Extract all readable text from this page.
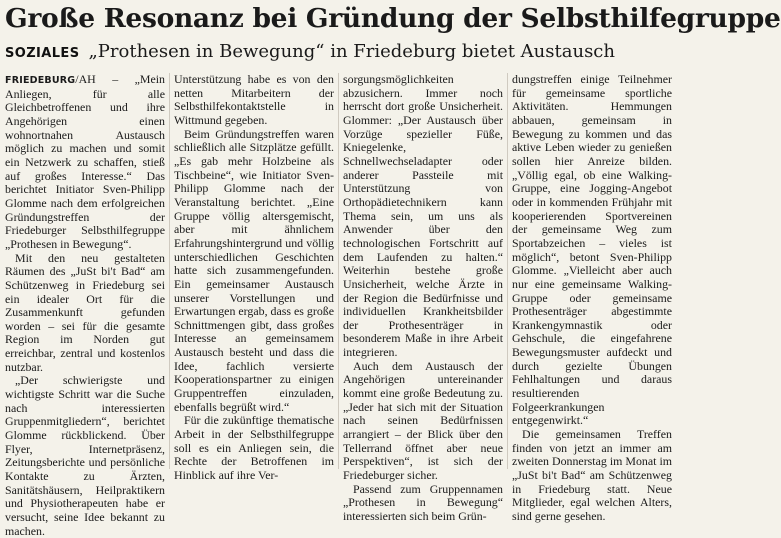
Große Resonanz bei Gründung der Selbsthilfegruppe
SOZIALES „Prothesen in Bewegung“ in Friedeburg bietet Austausch

FRIEDEBURG/AH – „Mein Anliegen, für alle Gleichbetroffenen und ihre Angehörigen einen wohnortnahen Austausch möglich zu machen und somit ein Netzwerk zu schaffen, stieß auf großes Interesse.“ Das berichtet Initiator Sven-Philipp Glomme nach dem erfolgreichen Gründungstreffen der Friedeburger Selbsthilfegruppe „Prothesen in Bewegung“.

Mit den neu gestalteten Räumen des „JuSt bi't Bad“ am Schützenweg in Friedeburg sei ein idealer Ort für die Zusammenkunft gefunden worden – sei für die gesamte Region im Norden gut erreichbar, zentral und kostenlos nutzbar.

„Der schwierigste und wichtigste Schritt war die Suche nach interessierten Gruppenmitgliedern“, berichtet Glomme rückblickend. Über Flyer, Internetpräsenz, Zeitungsberichte und persönliche Kontakte zu Ärzten, Sanitätshäusern, Heilpraktikern und Physiotherapeuten habe er versucht, seine Idee bekannt zu machen.

Unterstützung habe es von den netten Mitarbeitern der Selbsthilfekontaktstelle in Wittmund gegeben.

Beim Gründungstreffen waren schließlich alle Sitzplätze gefüllt. „Es gab mehr Holzbeine als Tischbeine“, wie Initiator Sven-Philipp Glomme nach der Veranstaltung berichtet. „Eine Gruppe völlig altersgemischt, aber mit ähnlichem Erfahrungshintergrund und völlig unterschiedlichen Geschichten hatte sich zusammengefunden. Ein gemeinsamer Austausch unserer Vorstellungen und Erwartungen ergab, dass es große Schnittmengen gibt, dass großes Interesse an gemeinsamem Austausch besteht und dass die Idee, fachlich versierte Kooperationspartner zu einigen Gruppentreffen einzuladen, ebenfalls begrüßt wird.“

Für die zukünftige thematische Arbeit in der Selbsthilfegruppe soll es ein Anliegen sein, die Rechte der Betroffenen im Hinblick auf ihre Ver-

sorgungsmöglichkeiten abzusichern. Immer noch herrscht dort große Unsicherheit. Glommer: „Der Austausch über Vorzüge spezieller Füße, Kniegelenke, Schnellwechseladapter oder anderer Passteile mit Unterstützung von Orthopädietechnikern kann Thema sein, um uns als Anwender über den technologischen Fortschritt auf dem Laufenden zu halten.“ Weiterhin bestehe große Unsicherheit, welche Ärzte in der Region die Bedürfnisse und individuellen Krankheitsbilder der Prothesenträger in besonderem Maße in ihre Arbeit integrieren.

Auch dem Austausch der Angehörigen untereinander kommt eine große Bedeutung zu. „Jeder hat sich mit der Situation nach seinen Bedürfnissen arrangiert – der Blick über den Tellerrand öffnet aber neue Perspektiven“, ist sich der Friedeburger sicher.

Passend zum Gruppennamen „Prothesen in Bewegung“ interessierten sich beim Grün-

dungstreffen einige Teilnehmer für gemeinsame sportliche Aktivitäten. Hemmungen abbauen, gemeinsam in Bewegung zu kommen und das aktive Leben wieder zu genießen sollen hier Anreize bilden. „Völlig egal, ob eine Walking-Gruppe, eine Jogging-Angebot oder in kommenden Frühjahr mit kooperierenden Sportvereinen der gemeinsame Weg zum Sportabzeichen – vieles ist möglich“, betont Sven-Philipp Glomme. „Vielleicht aber auch nur eine gemeinsame Walking-Gruppe oder gemeinsame Prothesenträger abgestimmte Krankengymnastik oder Gehschule, die eingefahrene Bewegungsmuster aufdeckt und durch gezielte Übungen Fehlhaltungen und daraus resultierenden Folgeerkrankungen entgegenwirkt.“

Die gemeinsamen Treffen finden von jetzt an immer am zweiten Donnerstag im Monat im „JuSt bi't Bad“ am Schützenweg in Friedeburg statt. Neue Mitglieder, egal welchen Alters, sind gerne gesehen.
